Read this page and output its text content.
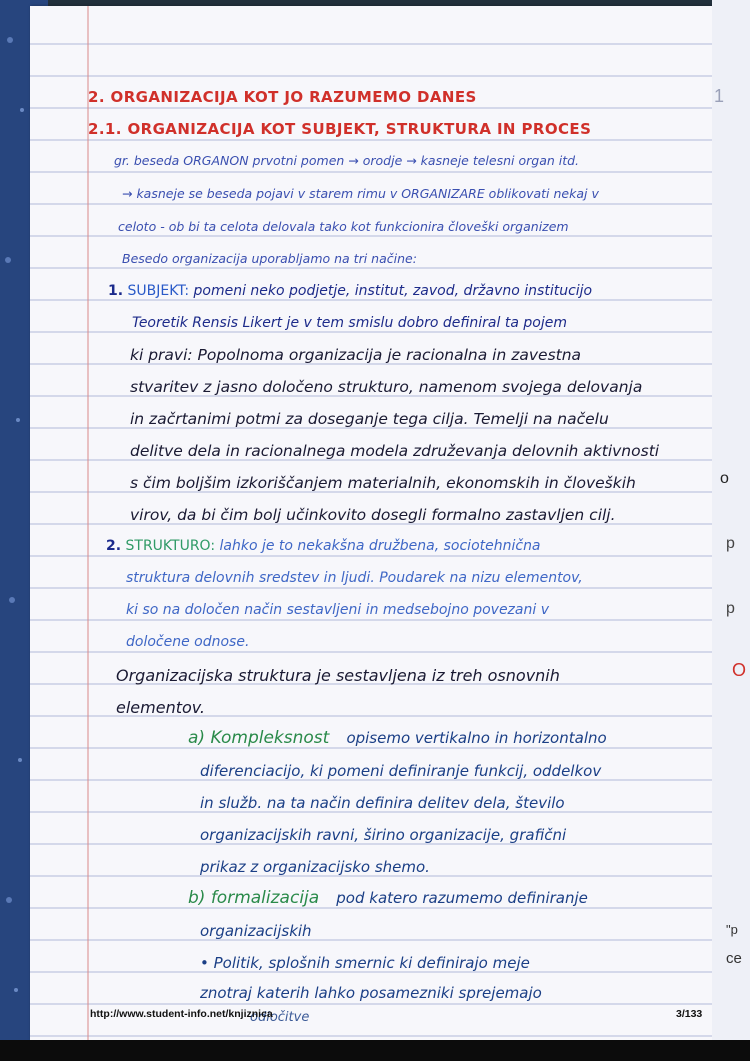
2. ORGANIZACIJA KOT JO RAZUMEMO DANES
2.1. ORGANIZACIJA KOT SUBJEKT, STRUKTURA IN PROCES
gr. beseda ORGANON prvotni pomen → orodje → kasneje telesni organ itd.
→ kasneje se beseda pojavi v starem rimu v ORGANIZARE oblikovati nekaj v
celoto - ob bi ta celota delovala tako kot funkcionira človeški organizem
Besedo organizacija uporabljamo na tri načine:
1. SUBJEKT: pomeni neko podjetje, institut, zavod, državno institucijo
Teoretik Rensis Likert je v tem smislu dobro definiral ta pojem
ki pravi: Popolnoma organizacija je racionalna in zavestna
stvaritev z jasno določeno strukturo, namenom svojega delovanja
in začrtanimi potmi za doseganje tega cilja. Temelji na načelu
delitve dela in racionalnega modela združevanja delovnih aktivnosti
s čim boljšim izkoriščanjem materialnih, ekonomskih in človeških
virov, da bi čim bolj učinkovito dosegli formalno zastavljen cilj.
2. STRUKTURO: lahko je to nekakšna družbena, sociotehnična
struktura delovnih sredstev in ljudi. Poudarek na nizu elementov,
ki so na določen način sestavljeni in medsebojno povezani v
določene odnose.
Organizacijska struktura je sestavljena iz treh osnovnih
elementov.
a) Kompleksnost opisemo vertikalno in horizontalno
diferenciacijo, ki pomeni definiranje funkcij, oddelkov
in služb. na ta način definira delitev dela, število
organizacijskih ravni, širino organizacije, grafični
prikaz z organizacijsko shemo.
b) formalizacija pod katero razumemo definiranje
organizacijskih
• Politik, splošnih smernic ki definirajo meje
znotraj katerih lahko posamezniki sprejemajo
odločitve
http://www.student-info.net/knjiznica	3/133
1
o
p
p
O
"p
ce
